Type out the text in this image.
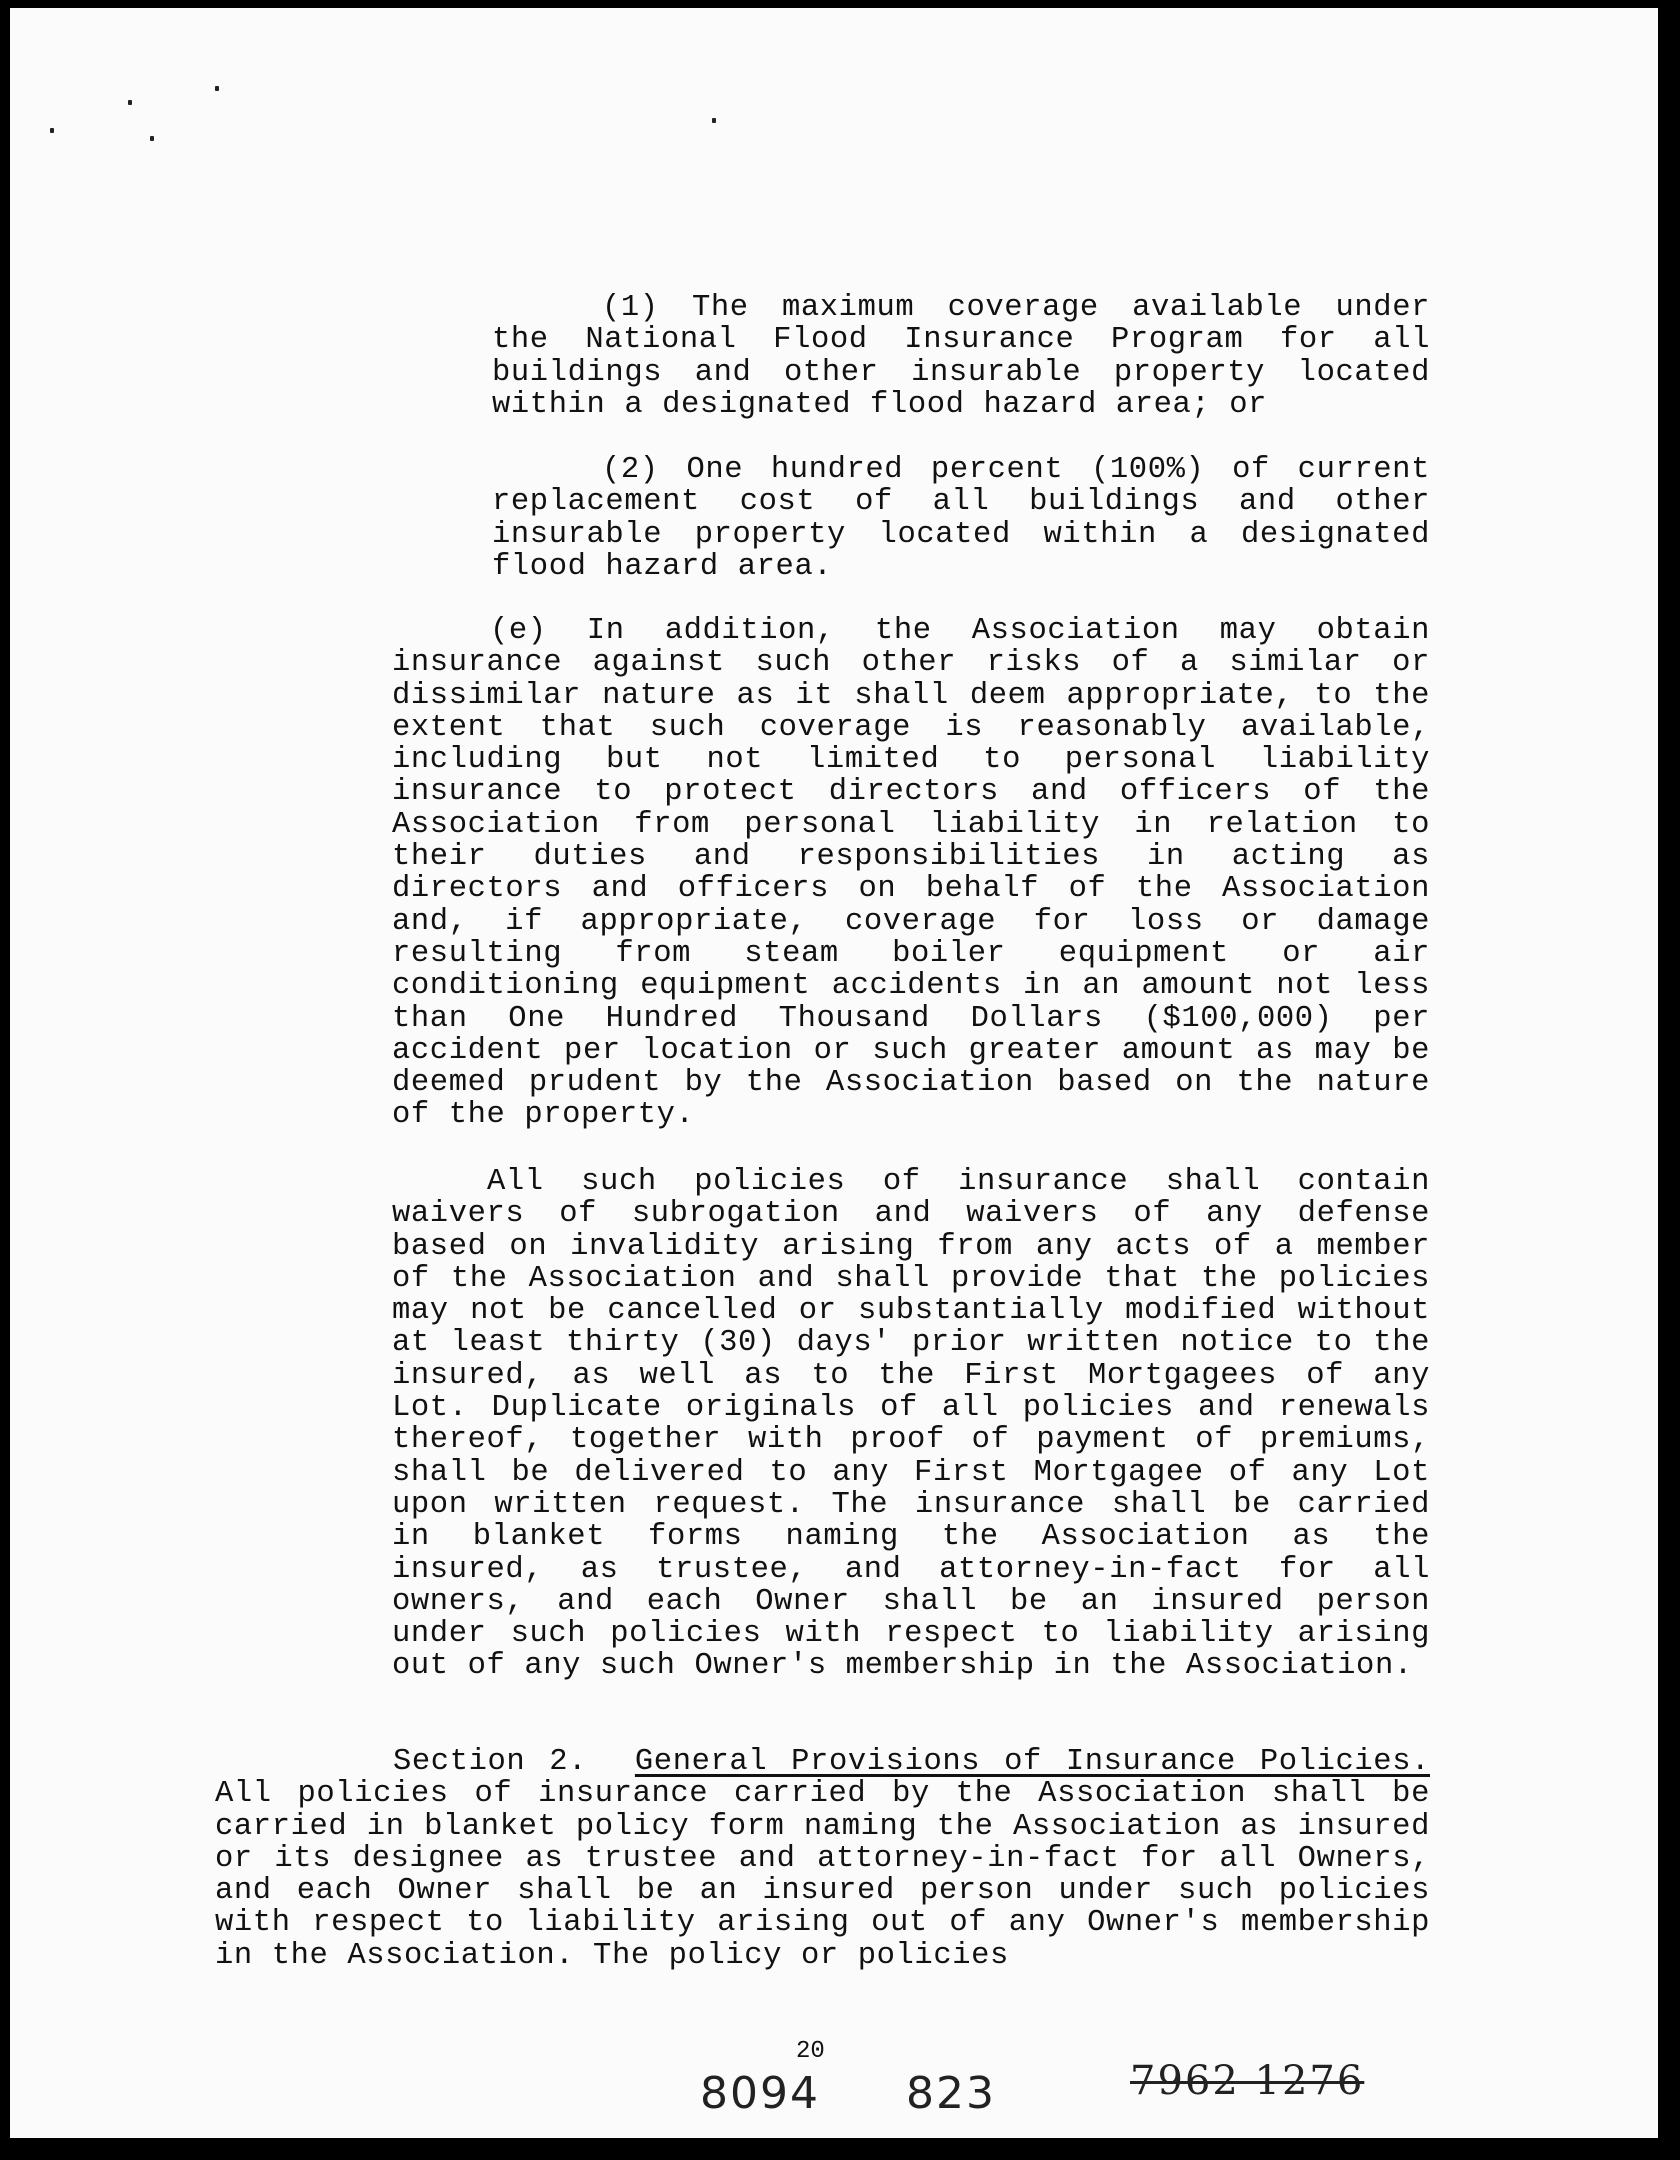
(1) The maximum coverage available under the National Flood Insurance Program for all buildings and other insurable property located within a designated flood hazard area; or

(2) One hundred percent (100%) of current replacement cost of all buildings and other insurable property located within a designated flood hazard area.

(e) In addition, the Association may obtain insurance against such other risks of a similar or dissimilar nature as it shall deem appropriate, to the extent that such coverage is reasonably available, including but not limited to personal liability insurance to protect directors and officers of the Association from personal liability in relation to their duties and responsibilities in acting as directors and officers on behalf of the Association and, if appropriate, coverage for loss or damage resulting from steam boiler equipment or air conditioning equipment accidents in an amount not less than One Hundred Thousand Dollars ($100,000) per accident per location or such greater amount as may be deemed prudent by the Association based on the nature of the property.

All such policies of insurance shall contain waivers of subrogation and waivers of any defense based on invalidity arising from any acts of a member of the Association and shall provide that the policies may not be cancelled or substantially modified without at least thirty (30) days' prior written notice to the insured, as well as to the First Mortgagees of any Lot. Duplicate originals of all policies and renewals thereof, together with proof of payment of premiums, shall be delivered to any First Mortgagee of any Lot upon written request. The insurance shall be carried in blanket forms naming the Association as the insured, as trustee, and attorney-in-fact for all owners, and each Owner shall be an insured person under such policies with respect to liability arising out of any such Owner's membership in the Association.

Section 2. General Provisions of Insurance Policies. All policies of insurance carried by the Association shall be carried in blanket policy form naming the Association as insured or its designee as trustee and attorney-in-fact for all Owners, and each Owner shall be an insured person under such policies with respect to liability arising out of any Owner's membership in the Association. The policy or policies

20
8094 823	7962 1276
